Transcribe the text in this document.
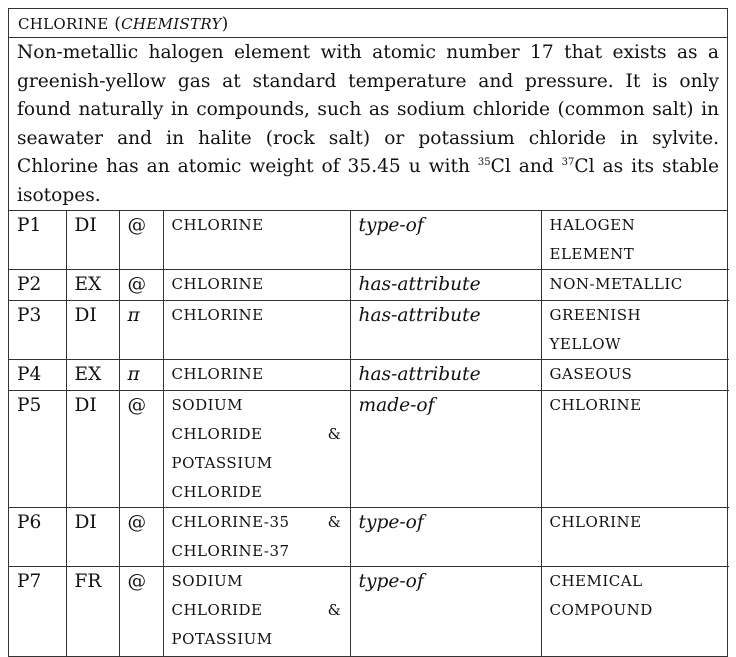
CHLORINE (CHEMISTRY)
Non-metallic halogen element with atomic number 17 that exists as a greenish-yellow gas at standard temperature and pressure. It is only found naturally in compounds, such as sodium chloride (common salt) in seawater and in halite (rock salt) or potassium chloride in sylvite. Chlorine has an atomic weight of 35.45 u with $^{35}$Cl and $^{37}$Cl as its stable isotopes.
P1	DI	@	CHLORINE	type-of	HALOGEN
ELEMENT

P2	EX	@	CHLORINE	has-attribute	NON-METALLIC

P3	DI	π	CHLORINE	has-attribute	GREENISH
YELLOW

P4	EX	π	CHLORINE	has-attribute	GASEOUS

P5	DI	@	SODIUM
CHLORIDE &
POTASSIUM
CHLORIDE	made-of	CHLORINE

P6	DI	@	CHLORINE-35 &
CHLORINE-37	type-of	CHLORINE

P7	FR	@	SODIUM
CHLORIDE &
POTASSIUM	type-of	CHEMICAL
COMPOUND
